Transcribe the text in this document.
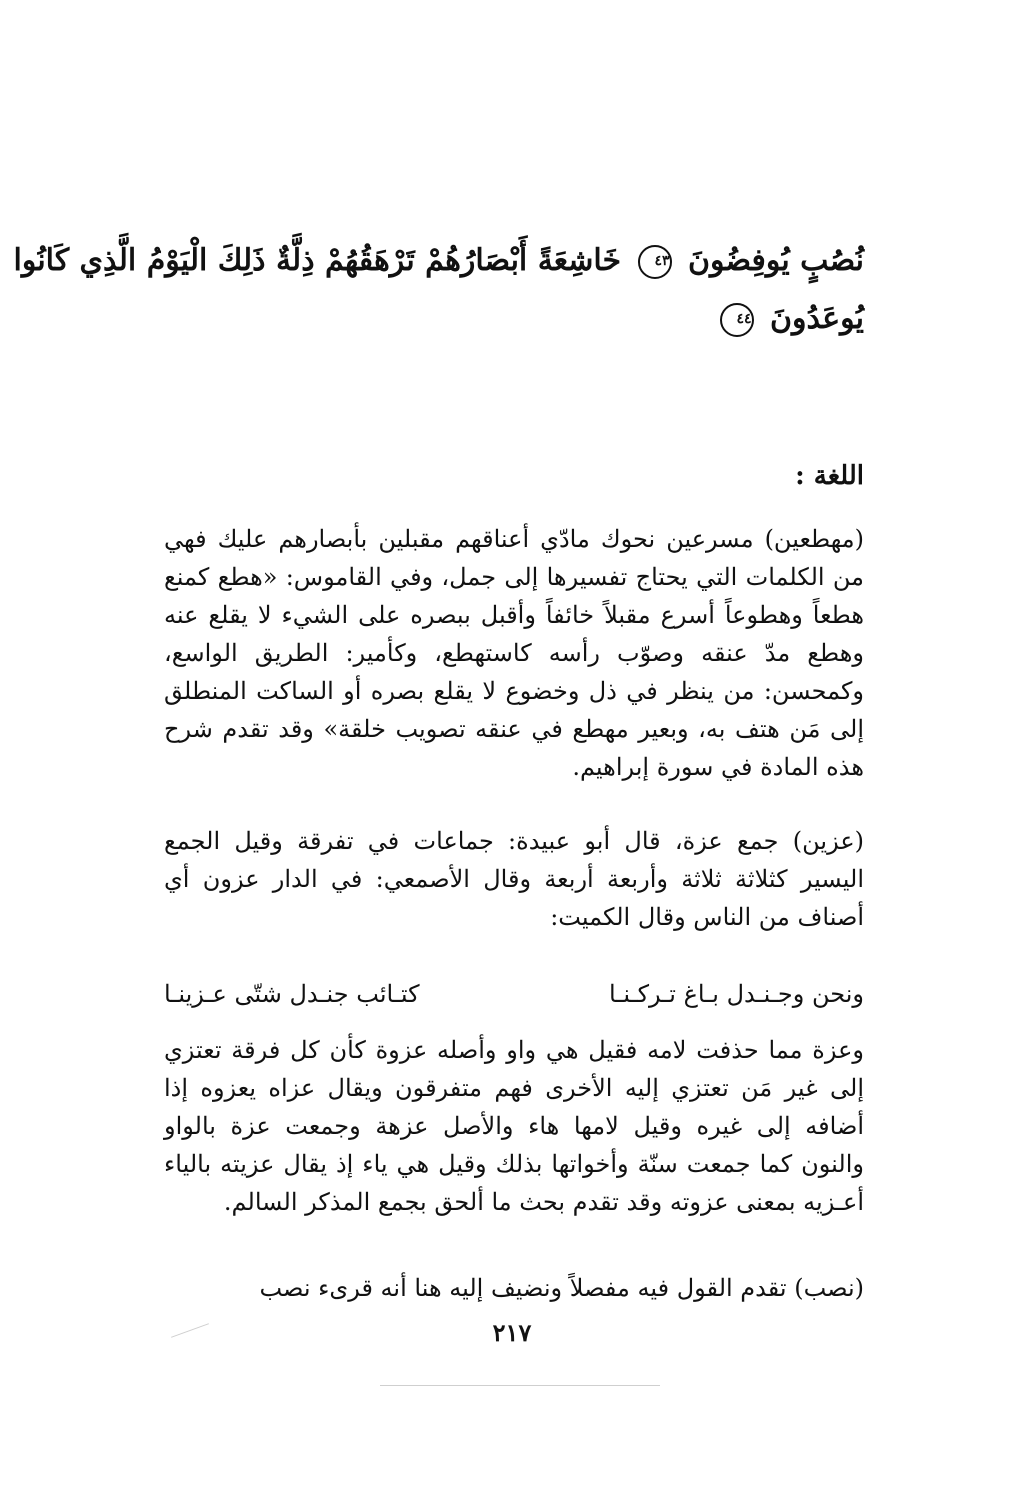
نُصُبٍ يُوفِضُونَ ٤٣ خَاشِعَةً أَبْصَارُهُمْ تَرْهَقُهُمْ ذِلَّةٌ ذَلِكَ الْيَوْمُ الَّذِي كَانُوا
يُوعَدُونَ ٤٤
اللغة :
(مهطعين) مسرعين نحوك مادّي أعناقهم مقبلين بأبصارهم عليك فهي من الكلمات التي يحتاج تفسيرها إلى جمل، وفي القاموس: «هطع كمنع هطعاً وهطوعاً أسرع مقبلاً خائفاً وأقبل ببصره على الشيء لا يقلع عنه وهطع مدّ عنقه وصوّب رأسه كاستهطع، وكأمير: الطريق الواسع، وكمحسن: من ينظر في ذل وخضوع لا يقلع بصره أو الساكت المنطلق إلى مَن هتف به، وبعير مهطع في عنقه تصويب خلقة» وقد تقدم شرح هذه المادة في سورة إبراهيم.
(عزين) جمع عزة، قال أبو عبيدة: جماعات في تفرقة وقيل الجمع اليسير كثلاثة ثلاثة وأربعة أربعة وقال الأصمعي: في الدار عزون أي أصناف من الناس وقال الكميت:
ونحن وجـنـدل بـاغ تـركـنـا
كتـائب جنـدل شتّى عـزينـا
وعزة مما حذفت لامه فقيل هي واو وأصله عزوة كأن كل فرقة تعتزي إلى غير مَن تعتزي إليه الأخرى فهم متفرقون ويقال عزاه يعزوه إذا أضافه إلى غيره وقيل لامها هاء والأصل عزهة وجمعت عزة بالواو والنون كما جمعت سنّة وأخواتها بذلك وقيل هي ياء إذ يقال عزيته بالياء أعـزيه بمعنى عزوته وقد تقدم بحث ما ألحق بجمع المذكر السالم.
(نصب) تقدم القول فيه مفصلاً ونضيف إليه هنا أنه قرىء نصب
٢١٧
